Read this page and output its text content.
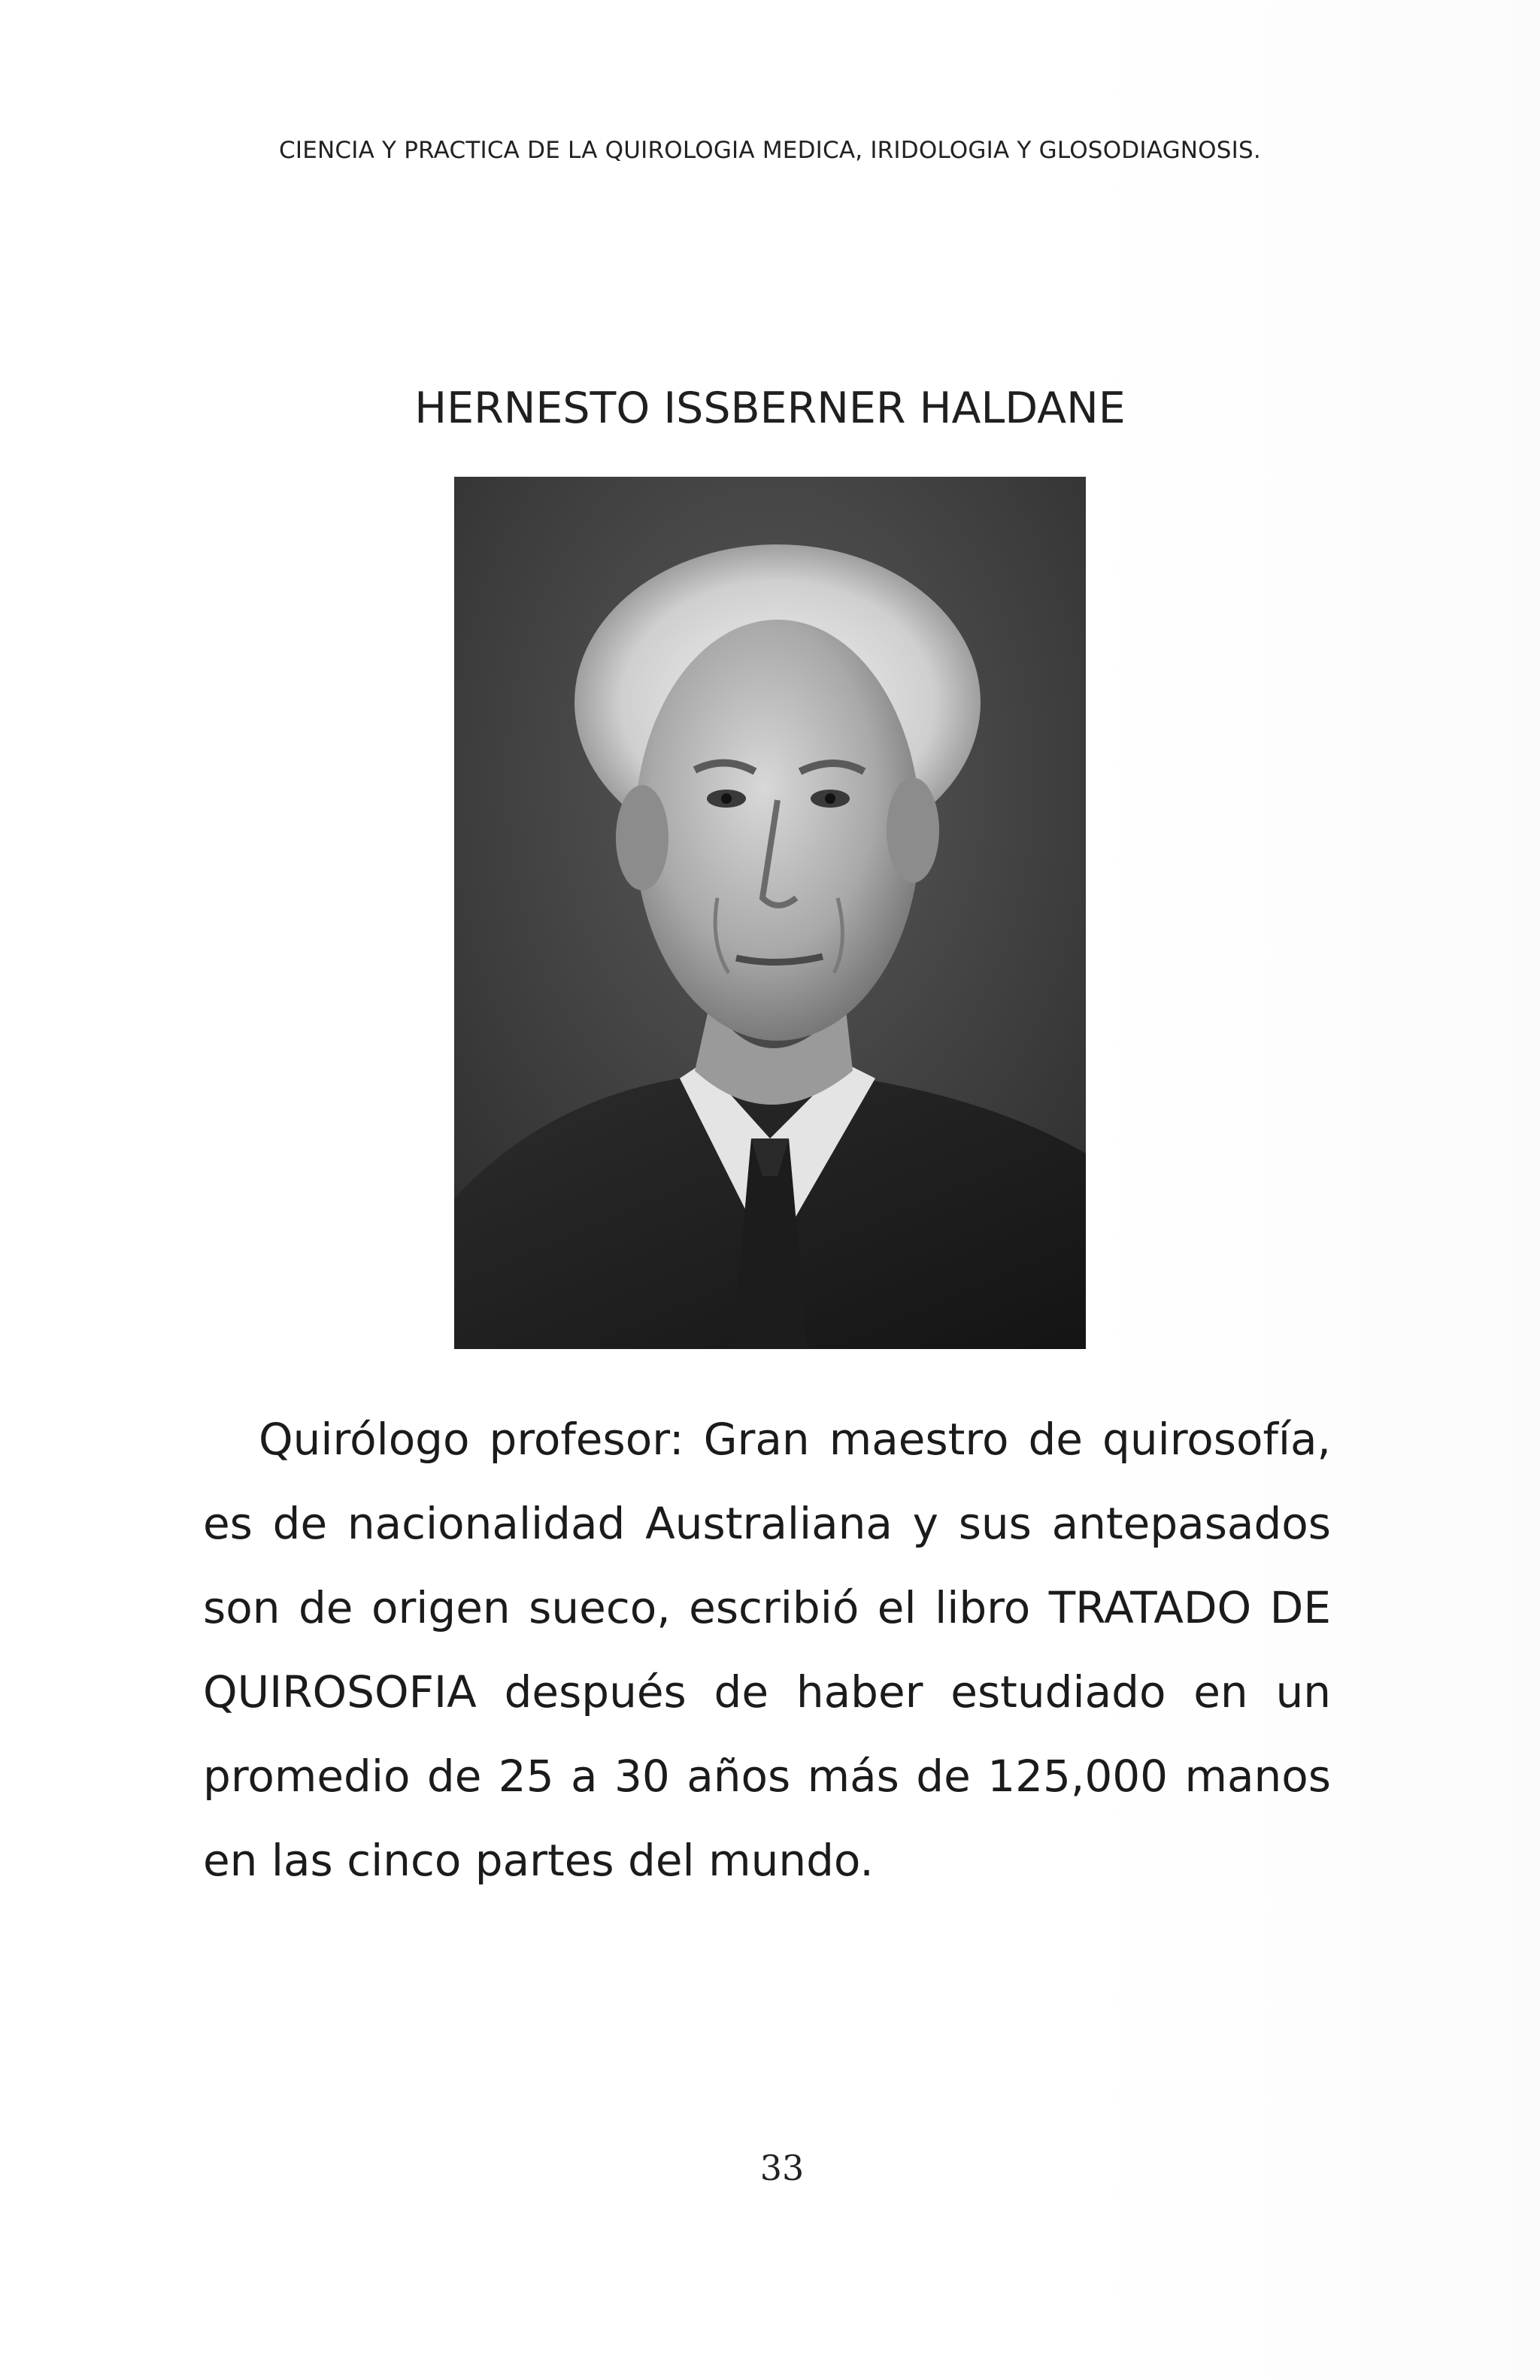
CIENCIA Y PRACTICA DE LA QUIROLOGIA MEDICA, IRIDOLOGIA Y GLOSODIAGNOSIS.
HERNESTO ISSBERNER HALDANE

Quirólogo profesor: Gran maestro de quirosofía, es de nacionalidad Australiana y sus antepasados son de origen sueco, escribió el libro TRATADO DE QUIROSOFIA después de haber estudiado en un promedio de 25 a 30 años más de 125,000 manos en las cinco partes del mundo.

33
